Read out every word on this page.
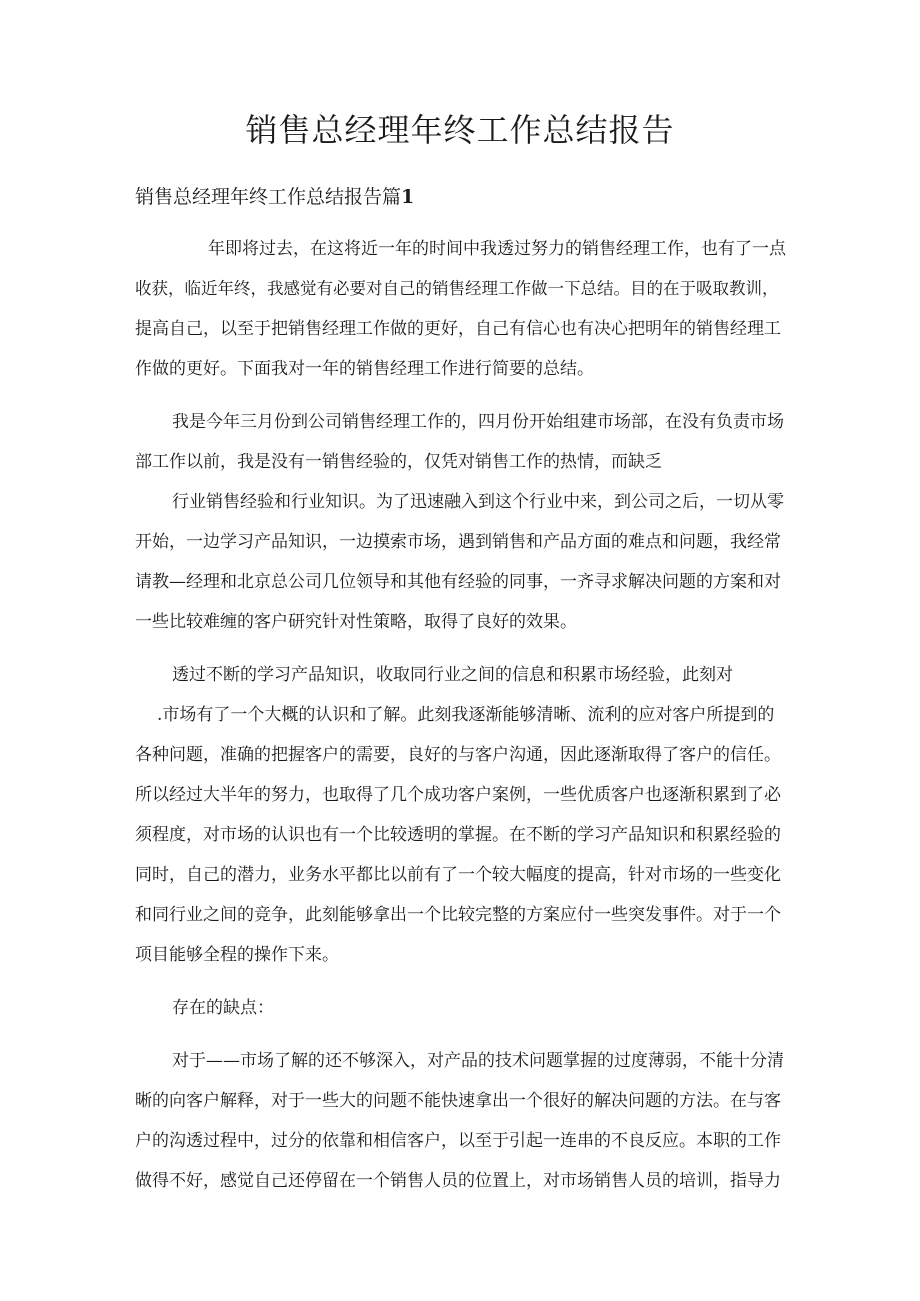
销售总经理年终工作总结报告
销售总经理年终工作总结报告篇1

年即将过去，在这将近一年的时间中我透过努力的销售经理工作，也有了一点

收获，临近年终，我感觉有必要对自己的销售经理工作做一下总结。目的在于吸取教训，

提高自己，以至于把销售经理工作做的更好，自己有信心也有决心把明年的销售经理工

作做的更好。下面我对一年的销售经理工作进行简要的总结。

我是今年三月份到公司销售经理工作的，四月份开始组建市场部，在没有负责市场

部工作以前，我是没有一销售经验的，仅凭对销售工作的热情，而缺乏

行业销售经验和行业知识。为了迅速融入到这个行业中来，到公司之后，一切从零

开始，一边学习产品知识，一边摸索市场，遇到销售和产品方面的难点和问题，我经常

请教—经理和北京总公司几位领导和其他有经验的同事，一齐寻求解决问题的方案和对

一些比较难缠的客户研究针对性策略，取得了良好的效果。

透过不断的学习产品知识，收取同行业之间的信息和积累市场经验，此刻对

.市场有了一个大概的认识和了解。此刻我逐渐能够清晰、流利的应对客户所提到的

各种问题，准确的把握客户的需要，良好的与客户沟通，因此逐渐取得了客户的信任。

所以经过大半年的努力，也取得了几个成功客户案例，一些优质客户也逐渐积累到了必

须程度，对市场的认识也有一个比较透明的掌握。在不断的学习产品知识和积累经验的

同时，自己的潜力，业务水平都比以前有了一个较大幅度的提高，针对市场的一些变化

和同行业之间的竞争，此刻能够拿出一个比较完整的方案应付一些突发事件。对于一个

项目能够全程的操作下来。

存在的缺点：

对于——市场了解的还不够深入，对产品的技术问题掌握的过度薄弱，不能十分清

晰的向客户解释，对于一些大的问题不能快速拿出一个很好的解决问题的方法。在与客

户的沟透过程中，过分的依靠和相信客户，以至于引起一连串的不良反应。本职的工作

做得不好，感觉自己还停留在一个销售人员的位置上，对市场销售人员的培训，指导力
